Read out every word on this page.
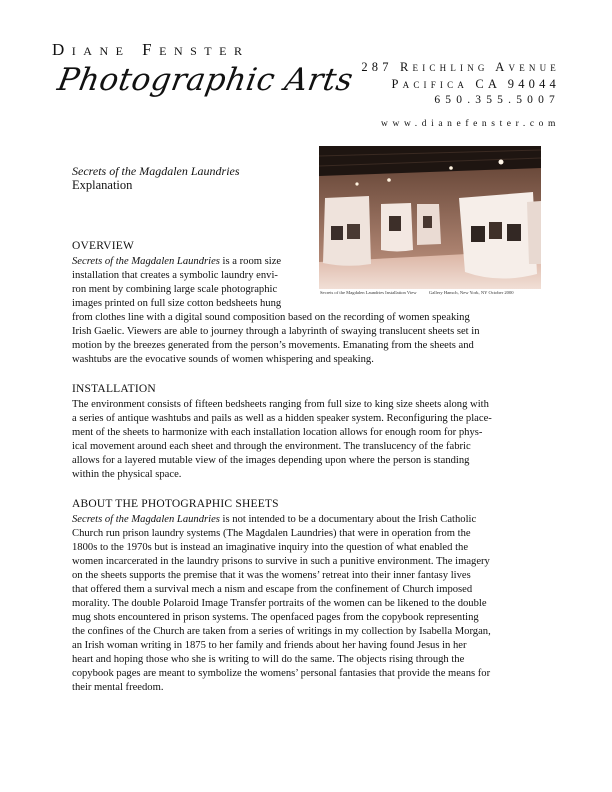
Diane Fenster
Photographic Arts 287 Reichling Avenue
Pacifica CA 94044
650.355.5007
www.dianefenster.com
Secrets of the Magdalen Laundries Installation View	Gallery Hansch, New York, NY October 2000
Secrets of the Magdalen Laundries
Explanation
OVERVIEW
Secrets of the Magdalen Laundries is a room size
installation that creates a symbolic laundry envi-
ron ment by combining large scale photographic
images printed on full size cotton bedsheets hung
from clothes line with a digital sound composition based on the recording of women speaking
Irish Gaelic. Viewers are able to journey through a labyrinth of swaying translucent sheets set in
motion by the breezes generated from the person’s movements. Emanating from the sheets and
washtubs are the evocative sounds of women whispering and speaking.
INSTALLATION
The environment consists of fifteen bedsheets ranging from full size to king size sheets along with
a series of antique washtubs and pails as well as a hidden speaker system. Reconfiguring the place-
ment of the sheets to harmonize with each installation location allows for enough room for phys-
ical movement around each sheet and through the environment. The translucency of the fabric
allows for a layered mutable view of the images depending upon where the person is standing
within the physical space.
ABOUT THE PHOTOGRAPHIC SHEETS
Secrets of the Magdalen Laundries is not intended to be a documentary about the Irish Catholic
Church run prison laundry systems (The Magdalen Laundries) that were in operation from the
1800s to the 1970s but is instead an imaginative inquiry into the question of what enabled the
women incarcerated in the laundry prisons to survive in such a punitive environment. The imagery
on the sheets supports the premise that it was the womens’ retreat into their inner fantasy lives
that offered them a survival mech a nism and escape from the confinement of Church imposed
morality. The double Polaroid Image Transfer portraits of the women can be likened to the double
mug shots encountered in prison systems. The openfaced pages from the copybook representing
the confines of the Church are taken from a series of writings in my collection by Isabella Morgan,
an Irish woman writing in 1875 to her family and friends about her having found Jesus in her
heart and hoping those who she is writing to will do the same. The objects rising through the
copybook pages are meant to symbolize the womens’ personal fantasies that provide the means for
their mental freedom.
